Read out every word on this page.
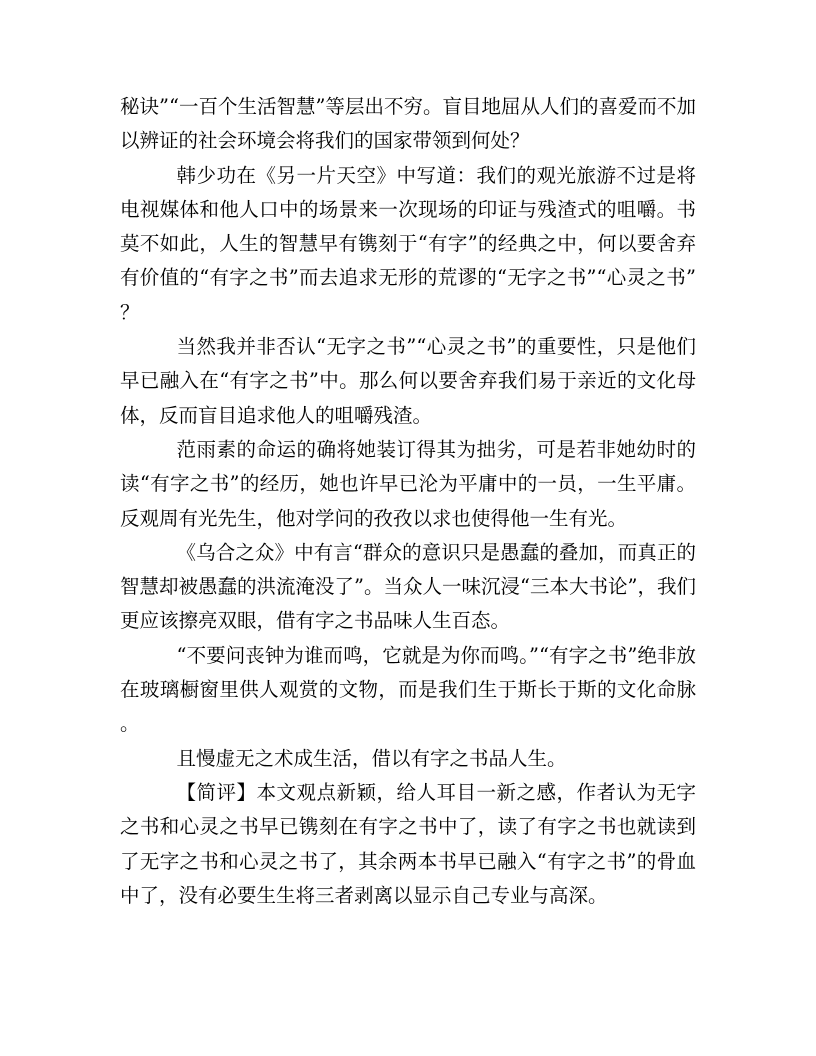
秘诀”“一百个生活智慧”等层出不穷。盲目地屈从人们的喜爱而不加以辨证的社会环境会将我们的国家带领到何处？

韩少功在《另一片天空》中写道：我们的观光旅游不过是将电视媒体和他人口中的场景来一次现场的印证与残渣式的咀嚼。书莫不如此，人生的智慧早有镌刻于“有字”的经典之中，何以要舍弃有价值的“有字之书”而去追求无形的荒谬的“无字之书”“心灵之书”？

当然我并非否认“无字之书”“心灵之书”的重要性，只是他们早已融入在“有字之书”中。那么何以要舍弃我们易于亲近的文化母体，反而盲目追求他人的咀嚼残渣。

范雨素的命运的确将她装订得其为拙劣，可是若非她幼时的读“有字之书”的经历，她也许早已沦为平庸中的一员，一生平庸。反观周有光先生，他对学问的孜孜以求也使得他一生有光。

《乌合之众》中有言“群众的意识只是愚蠢的叠加，而真正的智慧却被愚蠢的洪流淹没了”。当众人一味沉浸“三本大书论”，我们更应该擦亮双眼，借有字之书品味人生百态。

“不要问丧钟为谁而鸣，它就是为你而鸣。”“有字之书”绝非放在玻璃橱窗里供人观赏的文物，而是我们生于斯长于斯的文化命脉。

且慢虚无之术成生活，借以有字之书品人生。

【简评】本文观点新颖，给人耳目一新之感，作者认为无字之书和心灵之书早已镌刻在有字之书中了，读了有字之书也就读到了无字之书和心灵之书了，其余两本书早已融入“有字之书”的骨血中了，没有必要生生将三者剥离以显示自己专业与高深。
